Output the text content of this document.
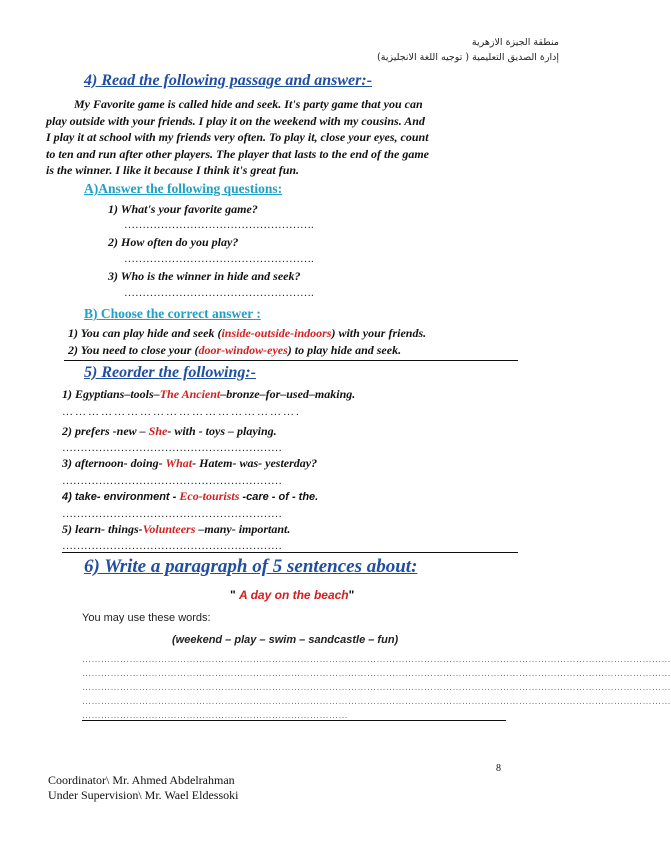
منطقة الجيزة الازهرية
إدارة الصديق التعليمية ( توجيه اللغة الانجليزية)
4) Read the following passage and answer:-
My Favorite game is called hide and seek. It's party game that you can
play outside with your friends. I play it on the weekend with my cousins. And
I play it at school with my friends very often. To play it, close your eyes, count
to ten and run after other players. The player that lasts to the end of the game
is the winner. I like it because I think it's great fun.
A)Answer the following questions:
1) What's your favorite game?
…………………………………………….
2) How often do you play?
…………………………………………….
3) Who is the winner in hide and seek?
…………………………………………….
B) Choose the correct answer :
1) You can play hide and seek (inside-outside-indoors) with your friends.
2) You need to close your (door-window-eyes) to play hide and seek.
5) Reorder the following:-
1) Egyptians–tools–The Ancient–bronze–for–used–making.
……………………………………………….
2) prefers -new – She- with - toys – playing.
……………………………………………………
3) afternoon- doing- What- Hatem- was- yesterday?
……………………………………………………
4) take- environment - Eco-tourists -care - of - the.
……………………………………………………
5) learn- things-Volunteers –many- important.
……………………………………………………
6) Write a paragraph of 5 sentences about:
" A day on the beach"
You may use these words:
(weekend – play – swim – sandcastle – fun)
……………………………………………………………………………………………………………………………………………………………………
……………………………………………………………………………………………………………………………………………………………………
……………………………………………………………………………………………………………………………………………………………………
……………………………………………………………………………………………………………………………………………………………………
…………………………………………………………………………
8
Coordinator\ Mr. Ahmed Abdelrahman
Under Supervision\ Mr. Wael Eldessoki
